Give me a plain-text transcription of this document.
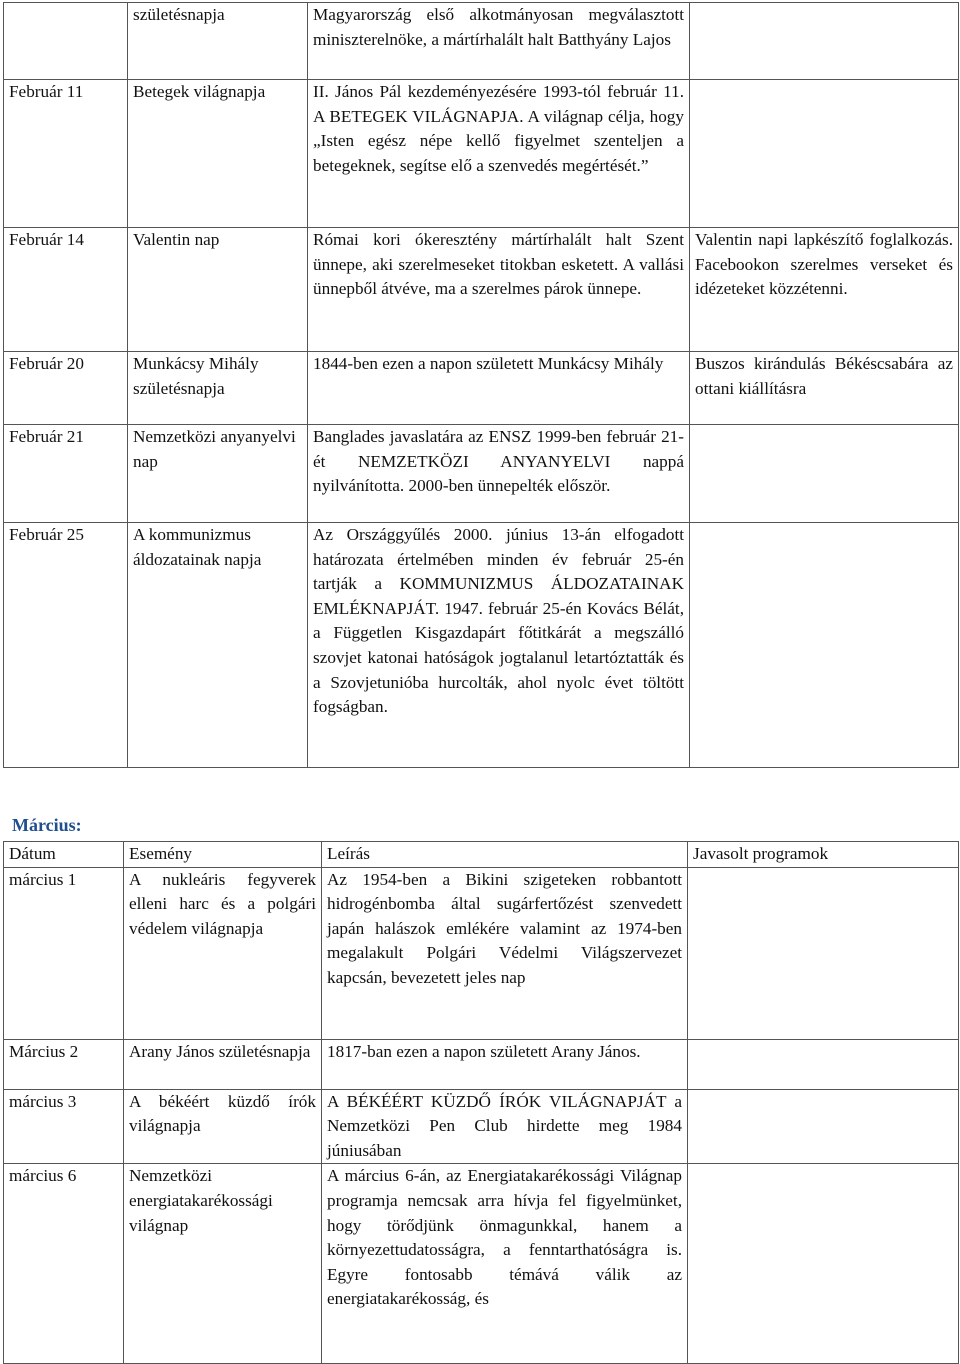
	születésnapja	Magyarország első alkotmányosan megválasztott miniszterelnöke, a mártírhalált halt Batthyány Lajos	
Február 11	Betegek világnapja	II. János Pál kezdeményezésére 1993-tól február 11. A BETEGEK VILÁGNAPJA. A világnap célja, hogy „Isten egész népe kellő figyelmet szenteljen a betegeknek, segítse elő a szenvedés megértését.”	
Február 14	Valentin nap	Római kori ókeresztény mártírhalált halt Szent ünnepe, aki szerelmeseket titokban esketett. A vallási ünnepből átvéve, ma a szerelmes párok ünnepe.	Valentin napi lapkészítő foglalkozás. Facebookon szerelmes verseket és idézeteket közzétenni.
Február 20	Munkácsy Mihály születésnapja	1844-ben ezen a napon született Munkácsy Mihály	Buszos kirándulás Békéscsabára az ottani kiállításra
Február 21	Nemzetközi anyanyelvi nap	Banglades javaslatára az ENSZ 1999-ben február 21-ét NEMZETKÖZI ANYANYELVI nappá nyilvánította. 2000-ben ünnepelték először.	
Február 25	A kommunizmus áldozatainak napja	Az Országgyűlés 2000. június 13-án elfogadott határozata értelmében minden év február 25-én tartják a KOMMUNIZMUS ÁLDOZATAINAK EMLÉKNAPJÁT. 1947. február 25-én Kovács Bélát, a Független Kisgazdapárt főtitkárát a megszálló szovjet katonai hatóságok jogtalanul letartóztatták és a Szovjetunióba hurcolták, ahol nyolc évet töltött fogságban.	
Március:
Dátum	Esemény	Leírás	Javasolt programok
március 1	A nukleáris fegyverek elleni harc és a polgári védelem világnapja	Az 1954-ben a Bikini szigeteken robbantott hidrogénbomba által sugárfertőzést szenvedett japán halászok emlékére valamint az 1974-ben megalakult Polgári Védelmi Világszervezet kapcsán, bevezetett jeles nap	
Március 2	Arany János születésnapja	1817-ban ezen a napon született Arany János.	
március 3	A békéért küzdő írók világnapja	A BÉKÉÉRT KÜZDŐ ÍRÓK VILÁGNAPJÁT a Nemzetközi Pen Club hirdette meg 1984 júniusában	
március 6	Nemzetközi energiatakarékossági világnap	A március 6-án, az Energiatakarékossági Világnap programja nemcsak arra hívja fel figyelmünket, hogy törődjünk önmagunkkal, hanem a környezettudatosságra, a fenntarthatóságra is. Egyre fontosabb témává válik az energiatakarékosság, és	
